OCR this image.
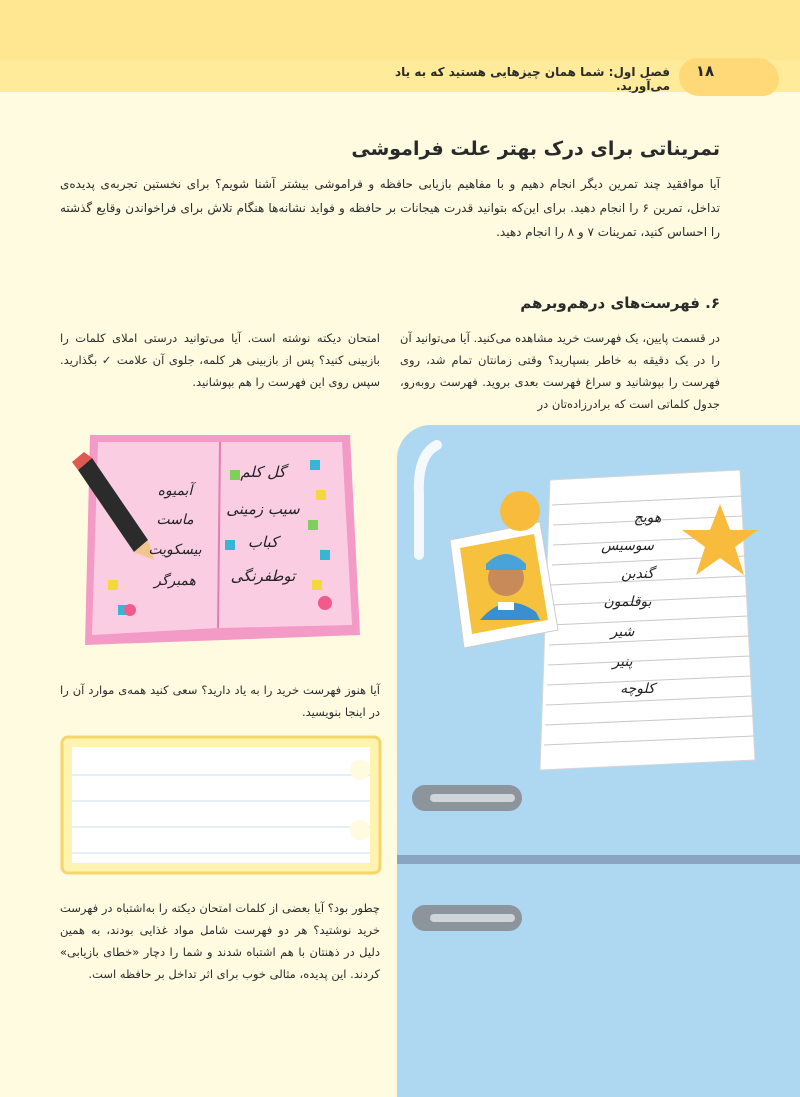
۱۸
فصل اول: شما همان چیزهایی هستید که به یاد می‌آورید.
تمریناتی برای درک بهتر علت فراموشی
آیا موافقید چند تمرین دیگر انجام دهیم و با مفاهیم بازیابی حافظه و فراموشی بیشتر آشنا شویم؟ برای نخستین تجربه‌ی پدیده‌ی تداخل، تمرین ۶ را انجام دهید. برای این‌که بتوانید قدرت هیجانات بر حافظه و فواید نشانه‌ها هنگام تلاش برای فراخواندن وقایع گذشته را احساس کنید، تمرینات ۷ و ۸ را انجام دهید.
۶. فهرست‌های درهم‌وبرهم
در قسمت پایین، یک فهرست خرید مشاهده می‌کنید. آیا می‌توانید آن را در یک دقیقه به خاطر بسپارید؟ وقتی زمانتان تمام شد، روی فهرست را بپوشانید و سراغ فهرست بعدی بروید. فهرست روبه‌رو، جدول کلماتی است که برادرزاده‌تان در
امتحان دیکته نوشته است. آیا می‌توانید درستی املای کلمات را بازبینی کنید؟ پس از بازبینی هر کلمه، جلوی آن علامت ✓ بگذارید. سپس روی این فهرست را هم بپوشانید.
گل کلم
سیب زمینی
کباب
توطفرنگی
آبمیوه
ماست
بیسکویت
همبرگر
آیا هنوز فهرست خرید را به یاد دارید؟ سعی کنید همه‌ی موارد آن را در اینجا بنویسید.
چطور بود؟ آیا بعضی از کلمات امتحان دیکته را به‌اشتباه در فهرست خرید نوشتید؟ هر دو فهرست شامل مواد غذایی بودند، به همین دلیل در ذهنتان با هم اشتباه شدند و شما را دچار «خطای بازیابی» کردند. این پدیده، مثالی خوب برای اثر تداخل بر حافظه است.
هویج
سوسیس
گندبن
بوقلمون
شیر
پنیر
کلوچه
